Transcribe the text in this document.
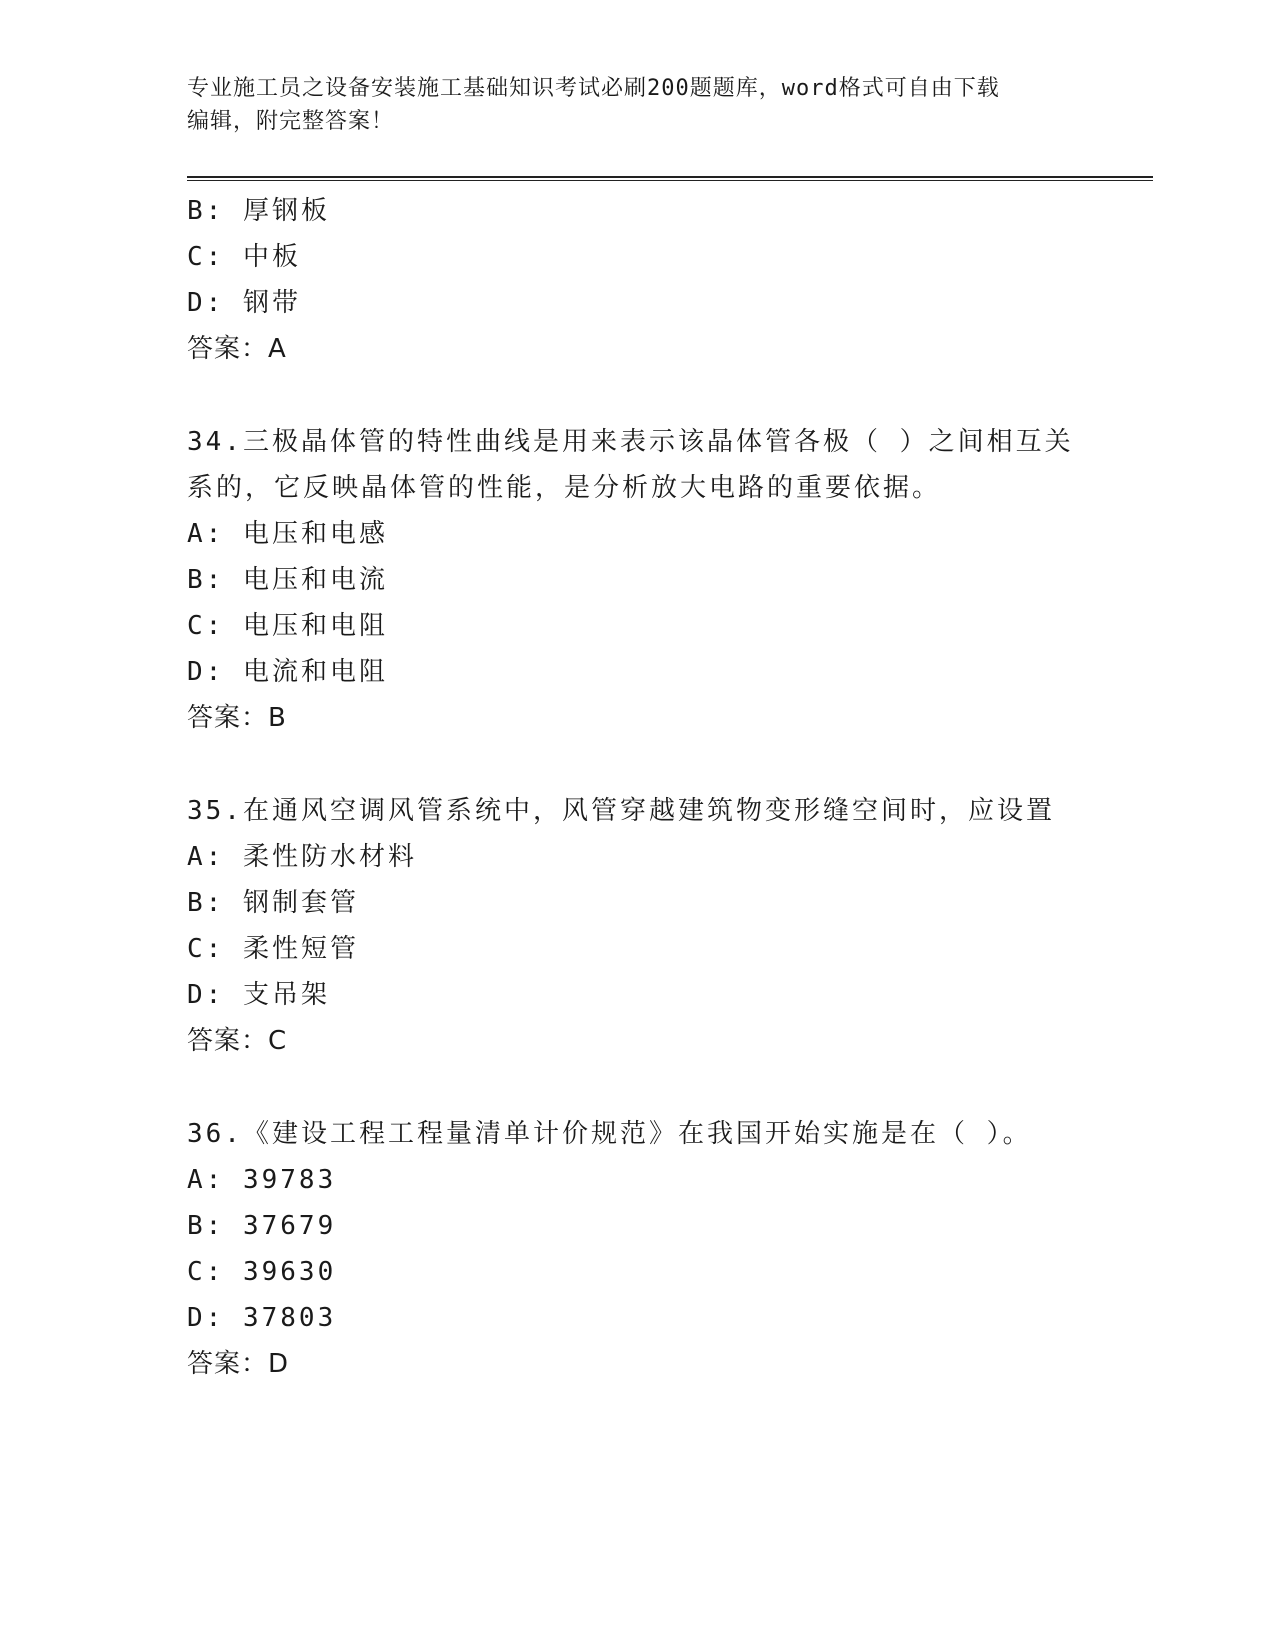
专业施工员之设备安装施工基础知识考试必刷200题题库，word格式可自由下载
编辑，附完整答案！
B: 厚钢板
C: 中板
D: 钢带
答案：A
34.三极晶体管的特性曲线是用来表示该晶体管各极（ ）之间相互关
系的，它反映晶体管的性能，是分析放大电路的重要依据。
A: 电压和电感
B: 电压和电流
C: 电压和电阻
D: 电流和电阻
答案：B
35.在通风空调风管系统中，风管穿越建筑物变形缝空间时，应设置
A: 柔性防水材料
B: 钢制套管
C: 柔性短管
D: 支吊架
答案：C
36.《建设工程工程量清单计价规范》在我国开始实施是在（ ）。
A: 39783
B: 37679
C: 39630
D: 37803
答案：D
